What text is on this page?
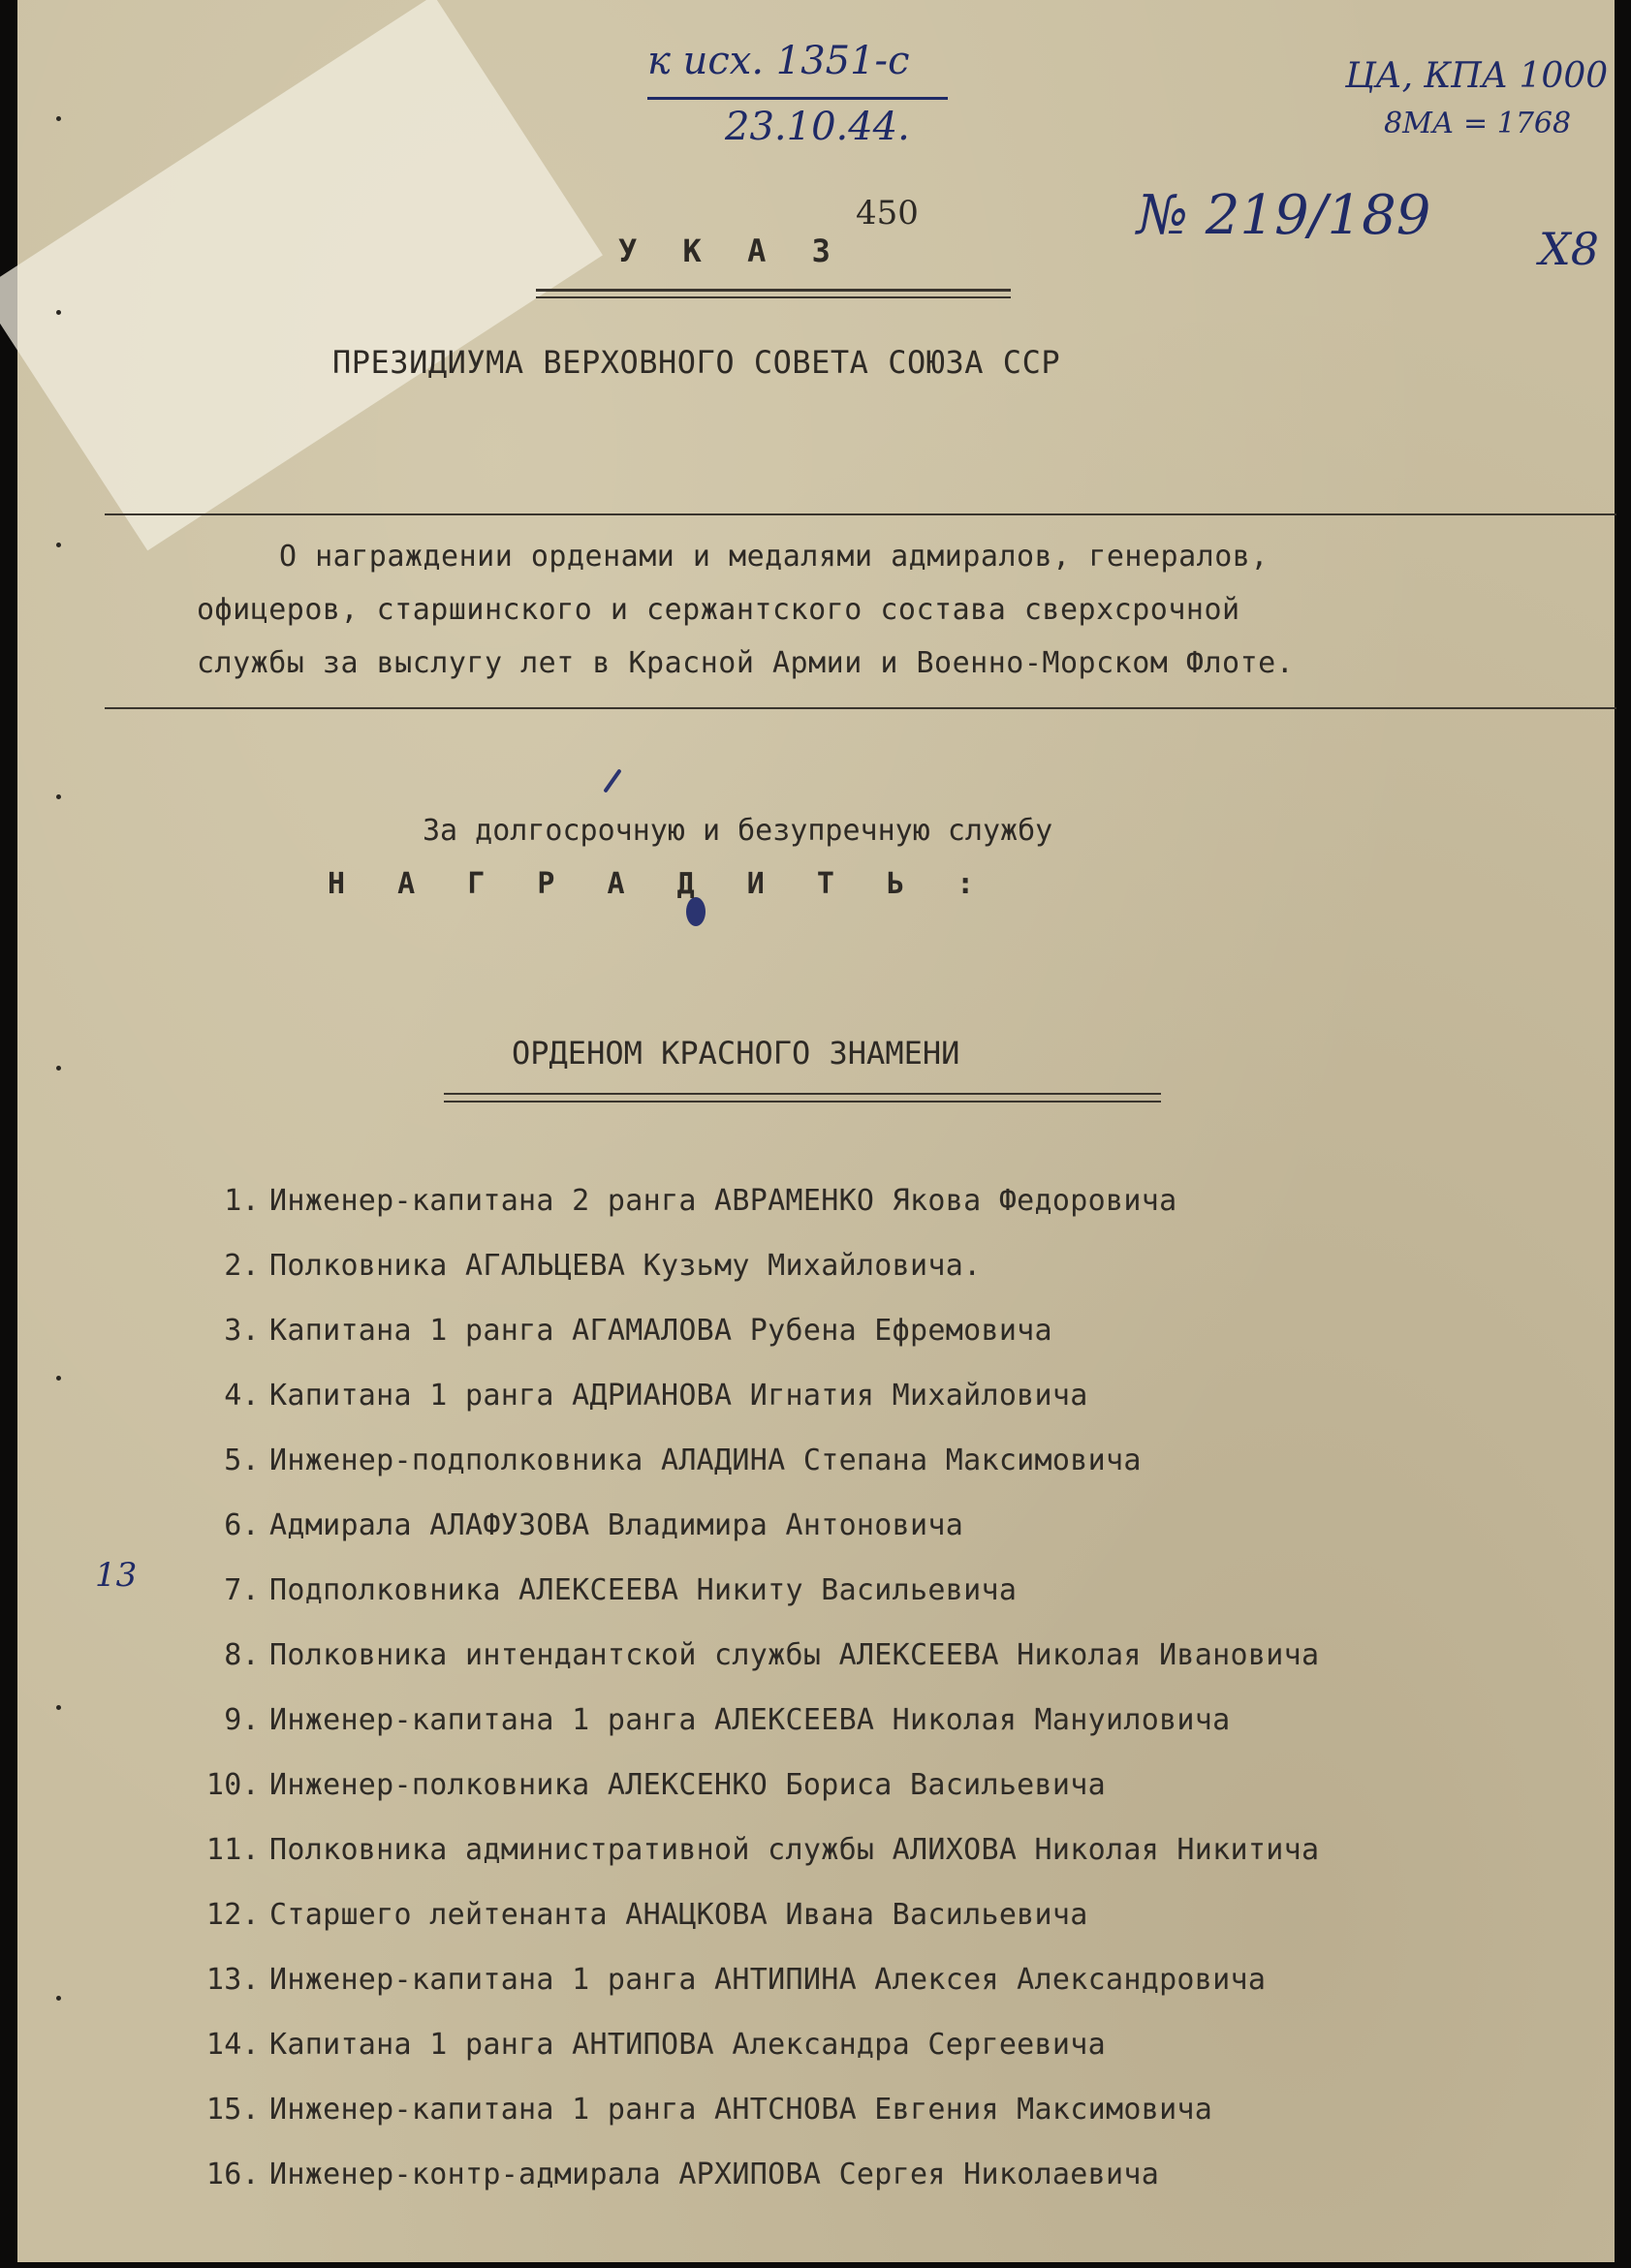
к исх. 1351-с
23.10.44.
ЦА, КПА 1000
8МА = 1768
№ 219/189
Х8
13
У К А З
450
ПРЕЗИДИУМА ВЕРХОВНОГО СОВЕТА СОЮЗА ССР
О награждении орденами и медалями адмиралов, генералов,
офицеров, старшинского и сержантского состава сверхсрочной
службы за выслугу лет в Красной Армии и Военно-Морском Флоте.
За долгосрочную и безупречную службу
Н А Г Р А Д И Т Ь :
ОРДЕНОМ КРАСНОГО ЗНАМЕНИ
1. Инженер-капитана 2 ранга АВРАМЕНКО Якова Федоровича
2. Полковника АГАЛЬЦЕВА Кузьму Михайловича.
3. Капитана 1 ранга АГАМАЛОВА Рубена Ефремовича
4. Капитана 1 ранга АДРИАНОВА Игнатия Михайловича
5. Инженер-подполковника АЛАДИНА Степана Максимовича
6. Адмирала АЛАФУЗОВА Владимира Антоновича
7. Подполковника АЛЕКСЕЕВА Никиту Васильевича
8. Полковника интендантской службы АЛЕКСЕЕВА Николая Ивановича
9. Инженер-капитана 1 ранга АЛЕКСЕЕВА Николая Мануиловича
10. Инженер-полковника АЛЕКСЕНКО Бориса Васильевича
11. Полковника административной службы АЛИХОВА Николая Никитича
12. Старшего лейтенанта АНАЦКОВА Ивана Васильевича
13. Инженер-капитана 1 ранга АНТИПИНА Алексея Александровича
14. Капитана 1 ранга АНТИПОВА Александра Сергеевича
15. Инженер-капитана 1 ранга АНТСНОВА Евгения Максимовича
16. Инженер-контр-адмирала АРХИПОВА Сергея Николаевича
